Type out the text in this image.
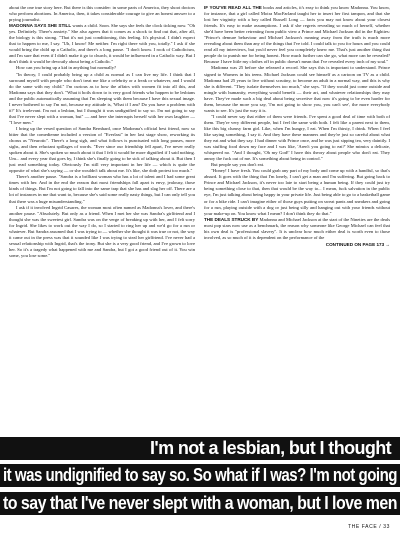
about the one true story here. But there is this consider: in some parts of America, they shoot doctors who perform abortions. In America, then, it takes considerable courage to give an honest answer to a prying journalist.

MADONNA SAYS SHE STILL wants a child. Soon. She says she feels the clock ticking now. "Oh yes. Definitely. There's anxiety." She also agrees that it comes as a shock to find out that, after all, the biology is this strong. "That it's not just conditioning, this feeling. It's physical. I didn't expect that to happen to me, I say. "Uh, I know! Me neither. I'm right there with you, totally." I ask if she would bring the child up a Catholic, and there's a long pause. "I don't know. I rook of Catholicism, and I'm sure that even if I didn't make it go to church, it would be influenced in a Catholic way. But I don't think it would be devoutly about being a Catholic."

How can you bring up a kid in anything but normally?

"In theory, I could probably bring up a child as normal as I can live my life. I think that I surround myself with people who don't treat me like a celebrity or a freak or whatever, and I would do the same with my child." I'm curious as to how the affairs with women fit into all this, and Madonna says that they don't. "What it boils down to is very good friends who happen to be lesbians and the public automatically assuming that I'm sleeping with them because I have this sexual image. I never bothered to say I'm not, because my attitude is, 'What if I am? Do you have a problem with it?' It's irrelevant. I'm not a lesbian, but I thought it was undignified to say so. I'm not going to say that I've never slept with a woman, but" — and here she interrupts herself with her own laughter — "I love men."

I bring up the vexed question of Sandra Bernhard, once Madonna's official best friend, now so bitter that the comedienne included a version of "Everlast" in her last stage show, reworking its chorus as "Neurotic". There's a long sigh, and what follows is punctuated with long pauses, more sighs, and then reluctant spillages of words. "Ever since our friendship fell apart, I've never really spoken about it. She's spoken so much about it that I felt it would be more dignified if I said nothing. Um... and every year that goes by, I think she's finally going to be sick of talking about it. But then I just read something today. Obviously I'm still very important in her life — which is quite the opposite of what she's saying — or she wouldn't talk about me. It's like, she doth protest too much."

There's another pause. "Sandra is a brilliant woman who has a lot of talent and I had some great times with her. And in the end the reason that most friendships fall apart is envy, jealousy, those kinds of things. But I'm not going to fall into the same trap that she has and slag her off. There are a lot of instances in me that want to, because she's said some really nasty things, but I can only tell you that there was a huge misunderstanding."

I ask if it involved Ingrid Casares, the woman most often named as Madonna's lover, and there's another pause. "Absolutely. But only as a friend. When I met her she was Sandra's girlfriend and I thought she was the sweetest girl. Sandra was on the verge of breaking up with her, and I felt sorry for Ingrid. She likes to work out the way I do, so I started to ring her up and we'd go for a run or whatever. But Sandra assumed that I was trying to — whether she thought it was true or not, the way it came out in the press was that it sounded like I was trying to steal her girlfriend. I've never had a sexual relationship with Ingrid, that's the irony. But she is a very good friend, and I've grown to love her. So it's a tragedy what happened with me and Sandra, but I got a good friend out of it. You win some, you lose some."

IF YOU'VE READ ALL THE books and articles, it's easy to think you know Madonna. You know, for instance, that a girl called Moira MacFarland taught her to insert her first tampon, and that she lost her virginity with a boy called Russell Long — facts you may not know about your closest friends. It's easy to make assumptions. I ask if she regrets revealing so much of herself, whether she'd have been better retreating from public view a Prince and Michael Jackson did in the Eighties: "Prince's demure behaviour and Michael Jackson's running away from the truth is much more revealing about them than any of the things that I've told. I could talk to you for hours and you could read all my interviews, but you'd never feel you completely knew me. That's just another thing that people do to punish me for being honest. How much further can she go, what more can be revealed? Because I have little my clothes off in public doesn't mean that I've revealed every inch of my soul."

Madonna was 25 before she released a record. She says this is important to understand. Prince signed to Warners in his teens. Michael Jackson could see himself as a cartoon on TV as a child. Madonna had 25 years to live without scrutiny, to become an adult in a normal way, and this is why she is different. "They isolate themselves too much," she says. "If they would just come outside and mingle with humanity, everything would benefit — their art, and whatever relationships they may have. They've made such a big deal about being secretive that now it's going to be even harder for them, because the more you say, 'I'm not going to show you, you can't see', the more everybody wants to see. It's just the way it is.

"I could never say that either of them were friends. I've spent a good deal of time with both of them. They're very different people, but I feel the same with both. I felt like a parent next to them, like this big clumsy farm girl. Like, when I'm hungry, I eat. When I'm thirsty, I drink. When I feel like saying something, I say it. And they have these manners and they're just so careful about what they eat and what they say. I had dinner with Prince once, and he was just sipping tea, very daintily. I was stuffing food down my face and I was like, 'Aren't you going to eat?' She mimics a delicate, whispered no. "And I thought, 'Oh my God!' I have this theory about people who don't eat. They annoy the fuck out of me. It's something about being in control."

But people say you don't eat.

"Honey! I have fresh. You could grab any part of my body and come up with a handful, so that's absurd. It goes with the thing that I'm lonely, I can't get a man and I'm suffering. But going back to Prince and Michael Jackson, it's never too late to start being a human being. If they could just try being something close to that, then that would be the way to... I mean, fuck salvation in the public eye, I'm just talking about being happy in your private life. Just being able to go to a basketball game or for a bike ride. I can't imagine either of those guys putting on sweat pants and sneakers and going for a run, playing outside with a dog or just being silly and hanging out with your friends without your make-up on. You know what I mean? I don't think they do that."

THE DEALS STRUCK BY Madonna and Michael Jackson at the start of the Nineties are the deals most pop stars now use as a benchmark, the reason why someone like George Michael can feel that his own deal is "professional slavery". It is unclear how much either deal is worth even to those involved, as so much of it is dependent on the performance of the

CONTINUED ON PAGE 173 →
I'm not a lesbian, but I thought
it was undignified to say so. So what if I was? I'm not going
to say that I've never slept with a woman, but I love men
THE FACE / 33
